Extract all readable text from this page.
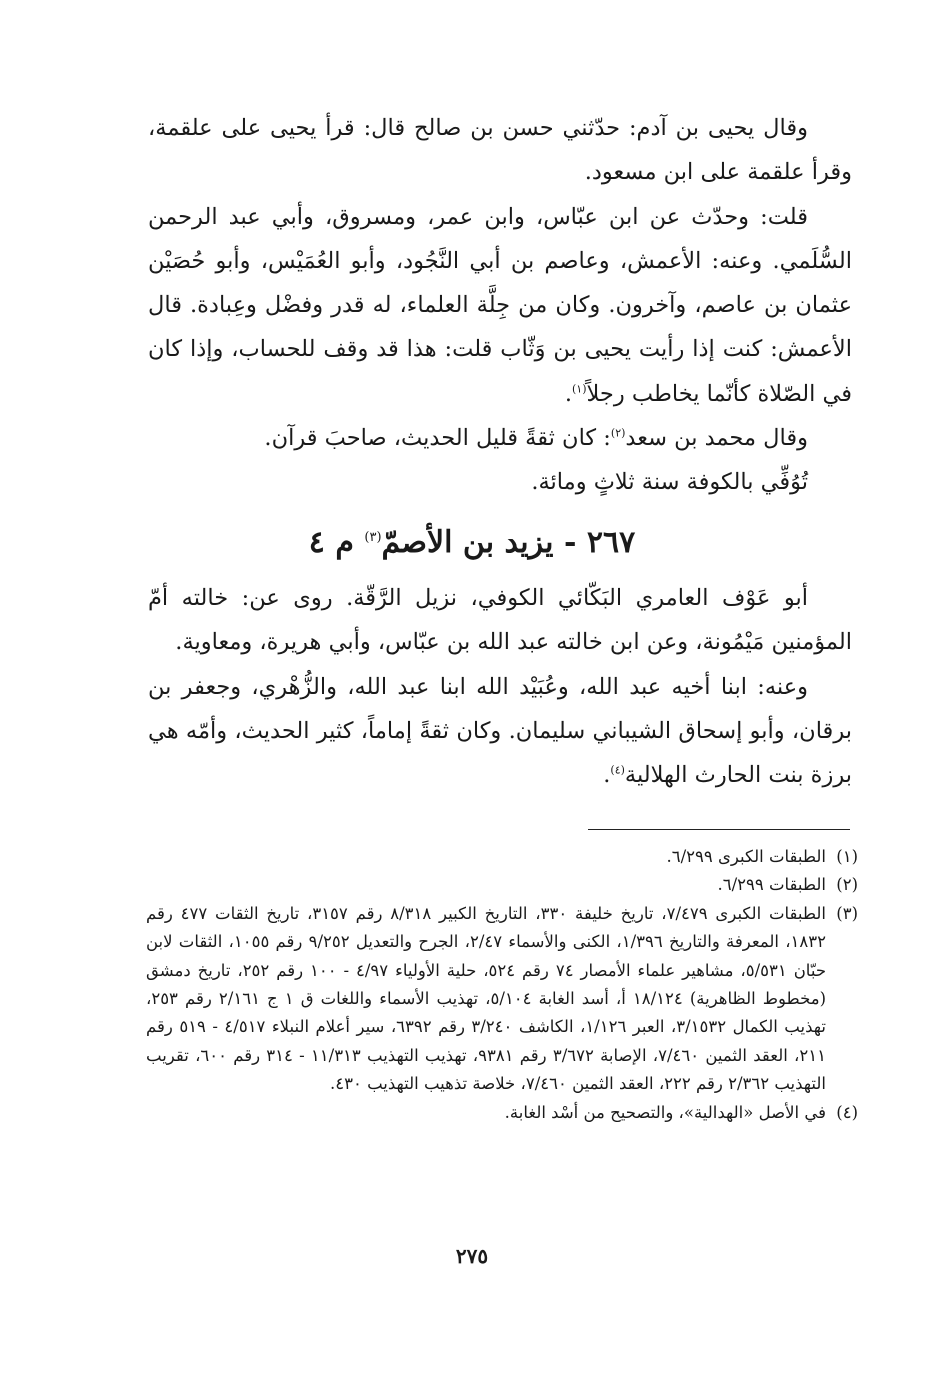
وقال يحيى بن آدم: حدّثني حسن بن صالح قال: قرأ يحيى على علقمة، وقرأ علقمة على ابن مسعود.

قلت: وحدّث عن ابن عبّاس، وابن عمر، ومسروق، وأبي عبد الرحمن السُّلَمي. وعنه: الأعمش، وعاصم بن أبي النَّجُود، وأبو العُمَيْس، وأبو حُصَيْن عثمان بن عاصم، وآخرون. وكان من جِلَّة العلماء، له قدر وفضْل وعِبادة. قال الأعمش: كنت إذا رأيت يحيى بن وَثّاب قلت: هذا قد وقف للحساب، وإذا كان في الصّلاة كأنّما يخاطب رجلاً$^{(١)}$.

وقال محمد بن سعد$^{(٢)}$: كان ثقةً قليل الحديث، صاحبَ قرآن.

تُوُفِّي بالكوفة سنة ثلاثٍ ومائة.

٢٦٧ - يزيد بن الأصمّ$^{(٣)}$ م ٤

أبو عَوْف العامري البَكّائي الكوفي، نزيل الرَّقّة. روى عن: خالته أمّ المؤمنين مَيْمُونة، وعن ابن خالته عبد الله بن عبّاس، وأبي هريرة، ومعاوية.

وعنه: ابنا أخيه عبد الله، وعُبَيْد الله ابنا عبد الله، والزُّهْري، وجعفر بن برقان، وأبو إسحاق الشيباني سليمان. وكان ثقةً إماماً، كثير الحديث، وأمّه هي برزة بنت الحارث الهلالية$^{(٤)}$.

(١)
الطبقات الكبرى ٦/٢٩٩.
(٢)
الطبقات ٦/٢٩٩.
(٣)
الطبقات الكبرى ٧/٤٧٩، تاريخ خليفة ٣٣٠، التاريخ الكبير ٨/٣١٨ رقم ٣١٥٧، تاريخ الثقات ٤٧٧ رقم ١٨٣٢، المعرفة والتاريخ ١/٣٩٦، الكنى والأسماء ٢/٤٧، الجرح والتعديل ٩/٢٥٢ رقم ١٠٥٥، الثقات لابن حبّان ٥/٥٣١، مشاهير علماء الأمصار ٧٤ رقم ٥٢٤، حلية الأولياء ٤/٩٧ - ١٠٠ رقم ٢٥٢، تاريخ دمشق (مخطوط الظاهرية) ١٨/١٢٤ أ، أسد الغابة ٥/١٠٤، تهذيب الأسماء واللغات ق ١ ج ٢/١٦١ رقم ٢٥٣، تهذيب الكمال ٣/١٥٣٢، العبر ١/١٢٦، الكاشف ٣/٢٤٠ رقم ٦٣٩٢، سير أعلام النبلاء ٤/٥١٧ - ٥١٩ رقم ٢١١، العقد الثمين ٧/٤٦٠، الإصابة ٣/٦٧٢ رقم ٩٣٨١، تهذيب التهذيب ١١/٣١٣ - ٣١٤ رقم ٦٠٠، تقريب التهذيب ٢/٣٦٢ رقم ٢٢٢، العقد الثمين ٧/٤٦٠، خلاصة تذهيب التهذيب ٤٣٠.
(٤)
في الأصل «الهدالية»، والتصحيح من أسْد الغابة.
٢٧٥
